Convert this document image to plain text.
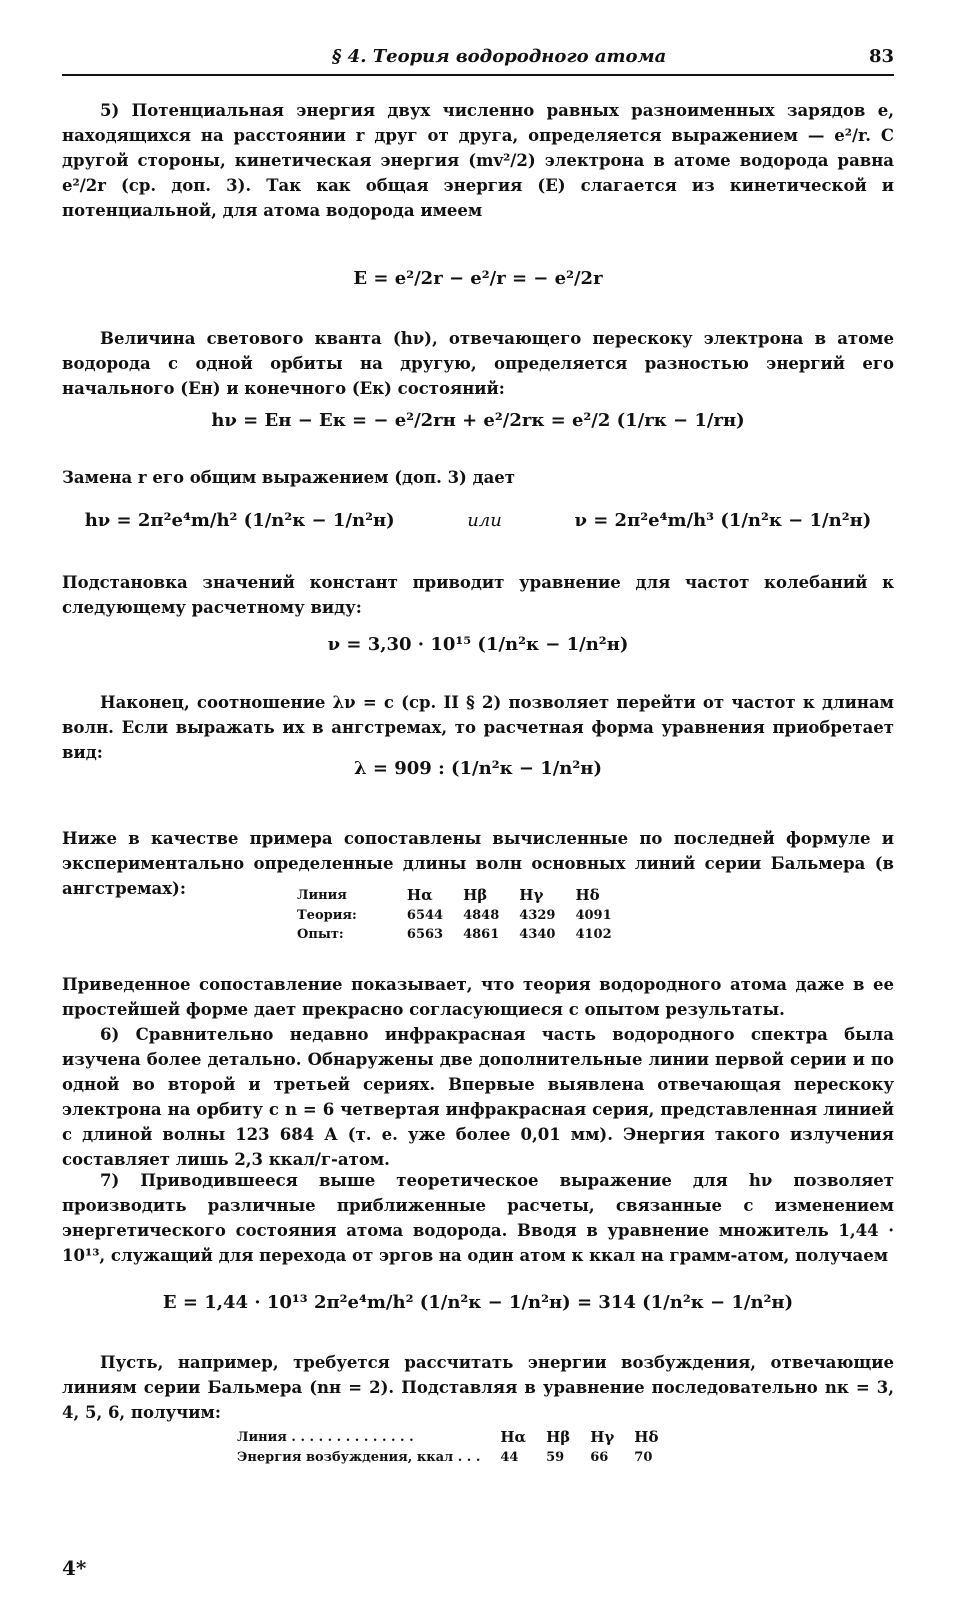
§ 4. Теория водородного атома	83
5) Потенциальная энергия двух численно равных разноименных зарядов e, находящихся на расстоянии r друг от друга, определяется выражением — e²/r. С другой стороны, кинетическая энергия (mv²/2) электрона в атоме водорода равна e²/2r (ср. доп. 3). Так как общая энергия (E) слагается из кинетической и потенциальной, для атома водорода имеем
E = e²/2r − e²/r = − e²/2r
Величина светового кванта (hν), отвечающего перескоку электрона в атоме водорода с одной орбиты на другую, определяется разностью энергий его начального (Eн) и конечного (Eк) состояний:
hν = Eн − Eк = − e²/2rн + e²/2rк = e²/2 (1/rк − 1/rн)
Замена r его общим выражением (доп. 3) дает
hν = 2π²e⁴m/h² (1/n²к − 1/n²н)	или	ν = 2π²e⁴m/h³ (1/n²к − 1/n²н)
Подстановка значений констант приводит уравнение для частот колебаний к следующему расчетному виду:
ν = 3,30 · 10¹⁵ (1/n²к − 1/n²н)
Наконец, соотношение λν = c (ср. II § 2) позволяет перейти от частот к длинам волн. Если выражать их в ангстремах, то расчетная форма уравнения приобретает вид:
λ = 909 : (1/n²к − 1/n²н)
Ниже в качестве примера сопоставлены вычисленные по последней формуле и экспериментально определенные длины волн основных линий серии Бальмера (в ангстремах):	Линия	Hα	Hβ	Hγ	Hδ
Теория:	6544	4848	4329	4091
Опыт:	6563	4861	4340	4102
Приведенное сопоставление показывает, что теория водородного атома даже в ее простейшей форме дает прекрасно согласующиеся с опытом результаты.
6) Сравнительно недавно инфракрасная часть водородного спектра была изучена более детально. Обнаружены две дополнительные линии первой серии и по одной во второй и третьей сериях. Впервые выявлена отвечающая перескоку электрона на орбиту с n = 6 четвертая инфракрасная серия, представленная линией с длиной волны 123 684 А (т. е. уже более 0,01 мм). Энергия такого излучения составляет лишь 2,3 ккал/г-атом.
7) Приводившееся выше теоретическое выражение для hν позволяет производить различные приближенные расчеты, связанные с изменением энергетического состояния атома водорода. Вводя в уравнение множитель 1,44 · 10¹³, служащий для перехода от эргов на один атом к ккал на грамм-атом, получаем
E = 1,44 · 10¹³ 2π²e⁴m/h² (1/n²к − 1/n²н) = 314 (1/n²к − 1/n²н)
Пусть, например, требуется рассчитать энергии возбуждения, отвечающие линиям серии Бальмера (nн = 2). Подставляя в уравнение последовательно nк = 3, 4, 5, 6, получим:
Линия . . . . . . . . . . . . . .	Hα	Hβ	Hγ	Hδ
Энергия возбуждения, ккал . . .	44	59	66	70
4*
